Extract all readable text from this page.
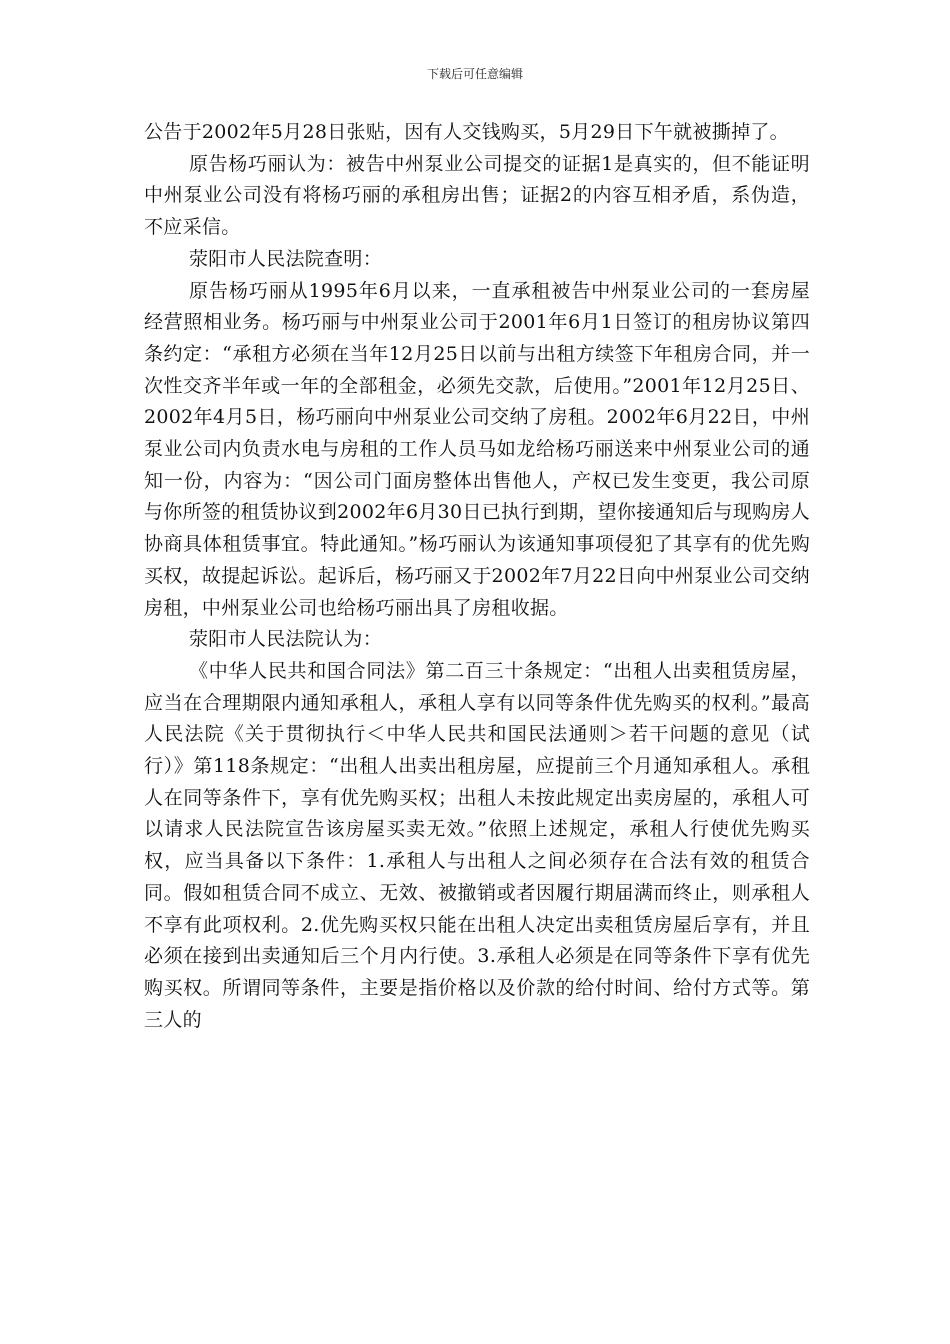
下载后可任意编辑

公告于2002年5月28日张贴，因有人交钱购买，5月29日下午就被撕掉了。

原告杨巧丽认为：被告中州泵业公司提交的证据1是真实的，但不能证明中州泵业公司没有将杨巧丽的承租房出售；证据2的内容互相矛盾，系伪造，不应采信。

荥阳市人民法院查明：

原告杨巧丽从1995年6月以来，一直承租被告中州泵业公司的一套房屋经营照相业务。杨巧丽与中州泵业公司于2001年6月1日签订的租房协议第四条约定：“承租方必须在当年12月25日以前与出租方续签下年租房合同，并一次性交齐半年或一年的全部租金，必须先交款，后使用。”2001年12月25日、 2002年4月5日，杨巧丽向中州泵业公司交纳了房租。2002年6月22日，中州泵业公司内负责水电与房租的工作人员马如龙给杨巧丽送来中州泵业公司的通知一份，内容为：“因公司门面房整体出售他人，产权已发生变更，我公司原与你所签的租赁协议到2002年6月30日已执行到期，望你接通知后与现购房人协商具体租赁事宜。特此通知。”杨巧丽认为该通知事项侵犯了其享有的优先购买权，故提起诉讼。起诉后，杨巧丽又于2002年7月22日向中州泵业公司交纳房租，中州泵业公司也给杨巧丽出具了房租收据。

荥阳市人民法院认为：

《中华人民共和国合同法》第二百三十条规定：“出租人出卖租赁房屋，应当在合理期限内通知承租人，承租人享有以同等条件优先购买的权利。”最高人民法院《关于贯彻执行＜中华人民共和国民法通则＞若干问题的意见（试行）》第118条规定：“出租人出卖出租房屋，应提前三个月通知承租人。承租人在同等条件下，享有优先购买权；出租人未按此规定出卖房屋的，承租人可以请求人民法院宣告该房屋买卖无效。”依照上述规定，承租人行使优先购买权，应当具备以下条件：1.承租人与出租人之间必须存在合法有效的租赁合同。假如租赁合同不成立、无效、被撤销或者因履行期届满而终止，则承租人不享有此项权利。2.优先购买权只能在出租人决定出卖租赁房屋后享有，并且必须在接到出卖通知后三个月内行使。3.承租人必须是在同等条件下享有优先购买权。所谓同等条件，主要是指价格以及价款的给付时间、给付方式等。第三人的
